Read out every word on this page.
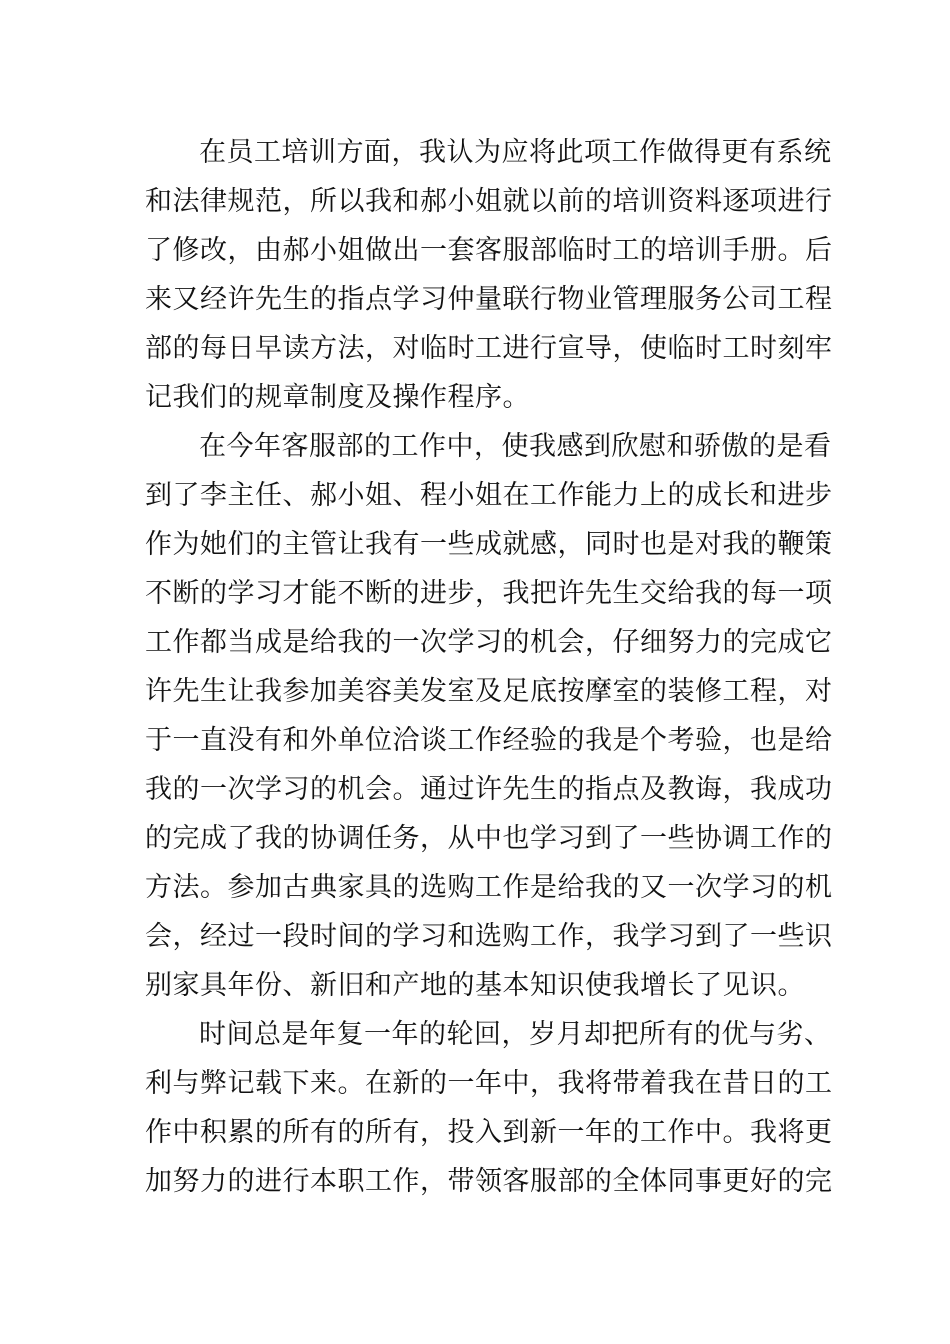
在员工培训方面，我认为应将此项工作做得更有系统
和法律规范，所以我和郝小姐就以前的培训资料逐项进行
了修改，由郝小姐做出一套客服部临时工的培训手册。后
来又经许先生的指点学习仲量联行物业管理服务公司工程
部的每日早读方法，对临时工进行宣导，使临时工时刻牢
记我们的规章制度及操作程序。
在今年客服部的工作中，使我感到欣慰和骄傲的是看
到了李主任、郝小姐、程小姐在工作能力上的成长和进步
作为她们的主管让我有一些成就感，同时也是对我的鞭策
不断的学习才能不断的进步，我把许先生交给我的每一项
工作都当成是给我的一次学习的机会，仔细努力的完成它
许先生让我参加美容美发室及足底按摩室的装修工程，对
于一直没有和外单位洽谈工作经验的我是个考验，也是给
我的一次学习的机会。通过许先生的指点及教诲，我成功
的完成了我的协调任务，从中也学习到了一些协调工作的
方法。参加古典家具的选购工作是给我的又一次学习的机
会，经过一段时间的学习和选购工作，我学习到了一些识
别家具年份、新旧和产地的基本知识使我增长了见识。
时间总是年复一年的轮回，岁月却把所有的优与劣、
利与弊记载下来。在新的一年中，我将带着我在昔日的工
作中积累的所有的所有，投入到新一年的工作中。我将更
加努力的进行本职工作，带领客服部的全体同事更好的完
